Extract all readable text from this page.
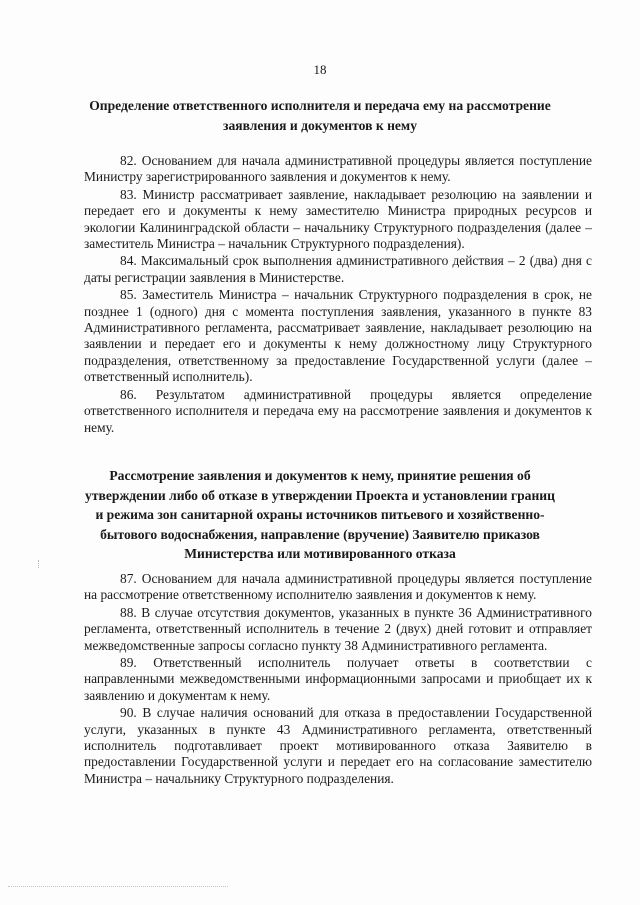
18
Определение ответственного исполнителя и передача ему на рассмотрение заявления и документов к нему

82. Основанием для начала административной процедуры является поступление Министру зарегистрированного заявления и документов к нему.

83. Министр рассматривает заявление, накладывает резолюцию на заявлении и передает его и документы к нему заместителю Министра природных ресурсов и экологии Калининградской области – начальнику Структурного подразделения (далее – заместитель Министра – начальник Структурного подразделения).

84. Максимальный срок выполнения административного действия – 2 (два) дня с даты регистрации заявления в Министерстве.

85. Заместитель Министра – начальник Структурного подразделения в срок, не позднее 1 (одного) дня с момента поступления заявления, указанного в пункте 83 Административного регламента, рассматривает заявление, накладывает резолюцию на заявлении и передает его и документы к нему должностному лицу Структурного подразделения, ответственному за предоставление Государственной услуги (далее – ответственный исполнитель).

86. Результатом административной процедуры является определение ответственного исполнителя и передача ему на рассмотрение заявления и документов к нему.

Рассмотрение заявления и документов к нему, принятие решения об утверждении либо об отказе в утверждении Проекта и установлении границ и режима зон санитарной охраны источников питьевого и хозяйственно-бытового водоснабжения, направление (вручение) Заявителю приказов Министерства или мотивированного отказа

87. Основанием для начала административной процедуры является поступление на рассмотрение ответственному исполнителю заявления и документов к нему.

88. В случае отсутствия документов, указанных в пункте 36 Административного регламента, ответственный исполнитель в течение 2 (двух) дней готовит и отправляет межведомственные запросы согласно пункту 38 Административного регламента.

89. Ответственный исполнитель получает ответы в соответствии с направленными межведомственными информационными запросами и приобщает их к заявлению и документам к нему.

90. В случае наличия оснований для отказа в предоставлении Государственной услуги, указанных в пункте 43 Административного регламента, ответственный исполнитель подготавливает проект мотивированного отказа Заявителю в предоставлении Государственной услуги и передает его на согласование заместителю Министра – начальнику Структурного подразделения.
